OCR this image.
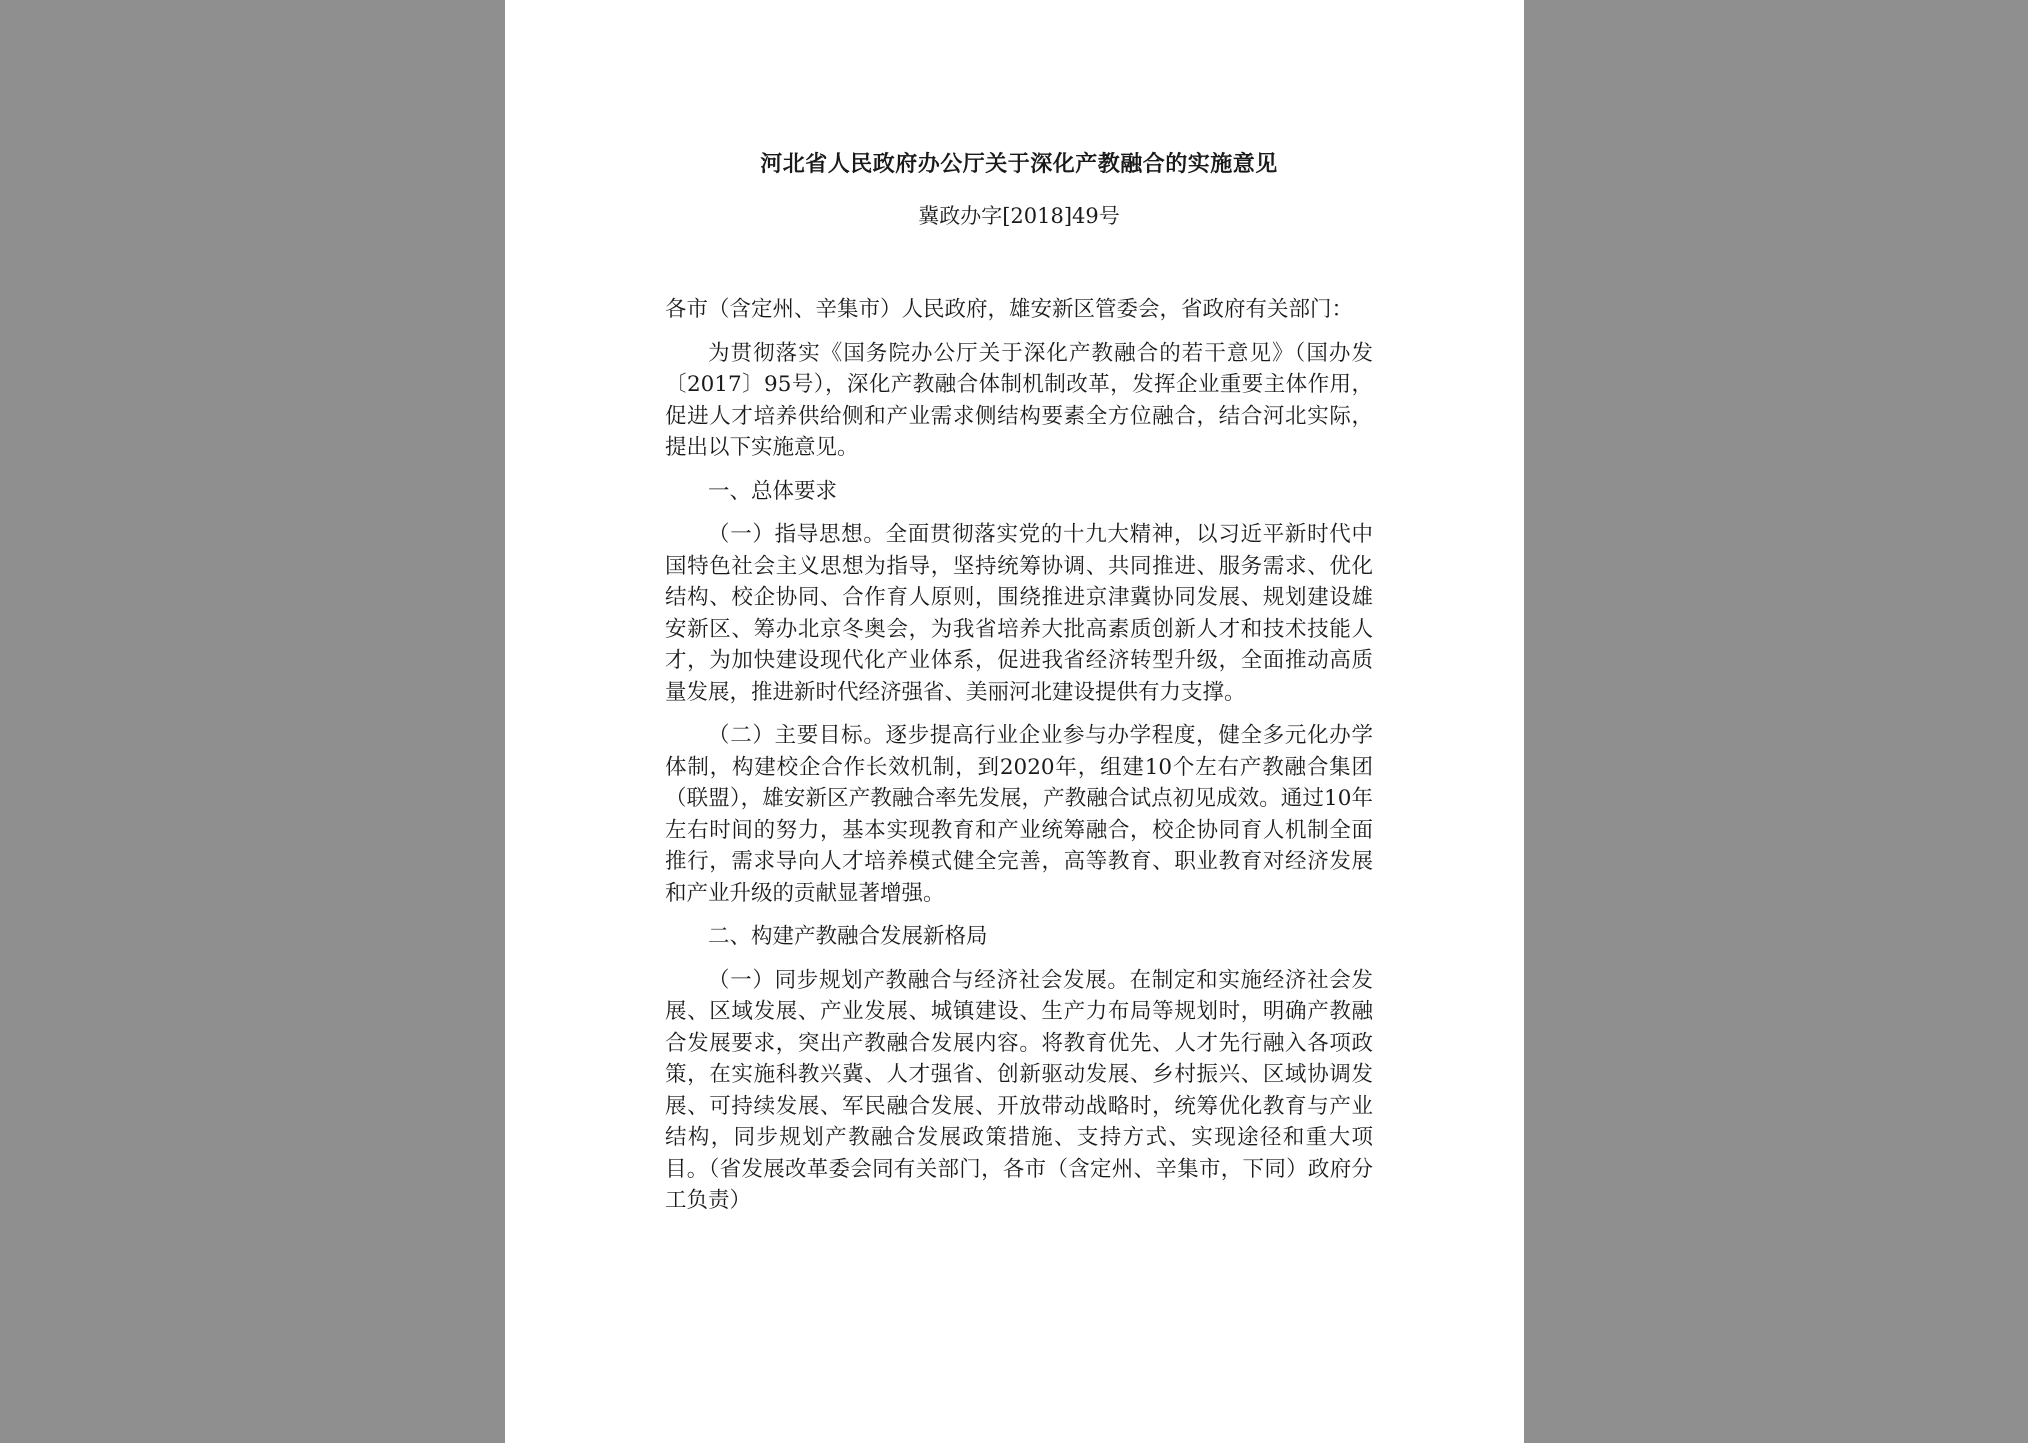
河北省人民政府办公厅关于深化产教融合的实施意见

冀政办字[2018]49号

各市（含定州、辛集市）人民政府，雄安新区管委会，省政府有关部门：

为贯彻落实《国务院办公厅关于深化产教融合的若干意见》（国办发〔2017〕95号），深化产教融合体制机制改革，发挥企业重要主体作用，促进人才培养供给侧和产业需求侧结构要素全方位融合，结合河北实际，提出以下实施意见。

一、总体要求

（一）指导思想。全面贯彻落实党的十九大精神，以习近平新时代中国特色社会主义思想为指导，坚持统筹协调、共同推进、服务需求、优化结构、校企协同、合作育人原则，围绕推进京津冀协同发展、规划建设雄安新区、筹办北京冬奥会，为我省培养大批高素质创新人才和技术技能人才，为加快建设现代化产业体系，促进我省经济转型升级，全面推动高质量发展，推进新时代经济强省、美丽河北建设提供有力支撑。

（二）主要目标。逐步提高行业企业参与办学程度，健全多元化办学体制，构建校企合作长效机制，到2020年，组建10个左右产教融合集团（联盟），雄安新区产教融合率先发展，产教融合试点初见成效。通过10年左右时间的努力，基本实现教育和产业统筹融合，校企协同育人机制全面推行，需求导向人才培养模式健全完善，高等教育、职业教育对经济发展和产业升级的贡献显著增强。

二、构建产教融合发展新格局

（一）同步规划产教融合与经济社会发展。在制定和实施经济社会发展、区域发展、产业发展、城镇建设、生产力布局等规划时，明确产教融合发展要求，突出产教融合发展内容。将教育优先、人才先行融入各项政策，在实施科教兴冀、人才强省、创新驱动发展、乡村振兴、区域协调发展、可持续发展、军民融合发展、开放带动战略时，统筹优化教育与产业结构，同步规划产教融合发展政策措施、支持方式、实现途径和重大项目。（省发展改革委会同有关部门，各市（含定州、辛集市，下同）政府分工负责）
